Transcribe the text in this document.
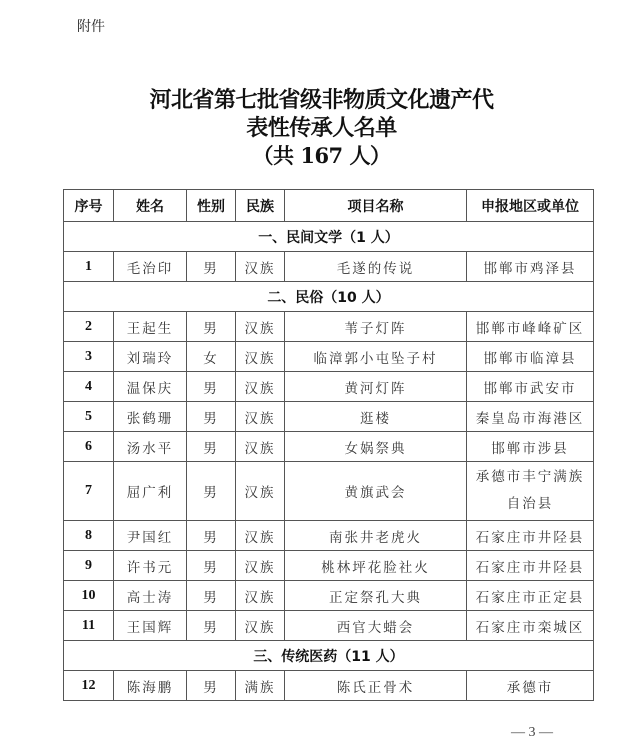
附件
河北省第七批省级非物质文化遗产代
表性传承人名单
（共 167 人）
序号	姓名	性别	民族	项目名称	申报地区或单位
一、民间文学（1 人）					
1	毛治印	男	汉族	毛遂的传说	邯郸市鸡泽县
二、民俗（10 人）					
2	王起生	男	汉族	苇子灯阵	邯郸市峰峰矿区
3	刘瑞玲	女	汉族	临漳郭小屯坠子村	邯郸市临漳县
4	温保庆	男	汉族	黄河灯阵	邯郸市武安市
5	张鹤珊	男	汉族	逛楼	秦皇岛市海港区
6	汤水平	男	汉族	女娲祭典	邯郸市涉县
7	屈广利	男	汉族	黄旗武会	承德市丰宁满族
自治县

8	尹国红	男	汉族	南张井老虎火	石家庄市井陉县
9	许书元	男	汉族	桃林坪花脸社火	石家庄市井陉县
10	高士涛	男	汉族	正定祭孔大典	石家庄市正定县
11	王国辉	男	汉族	西官大蜡会	石家庄市栾城区
三、传统医药（11 人）					
12	陈海鹏	男	满族	陈氏正骨术	承德市
— 3 —
